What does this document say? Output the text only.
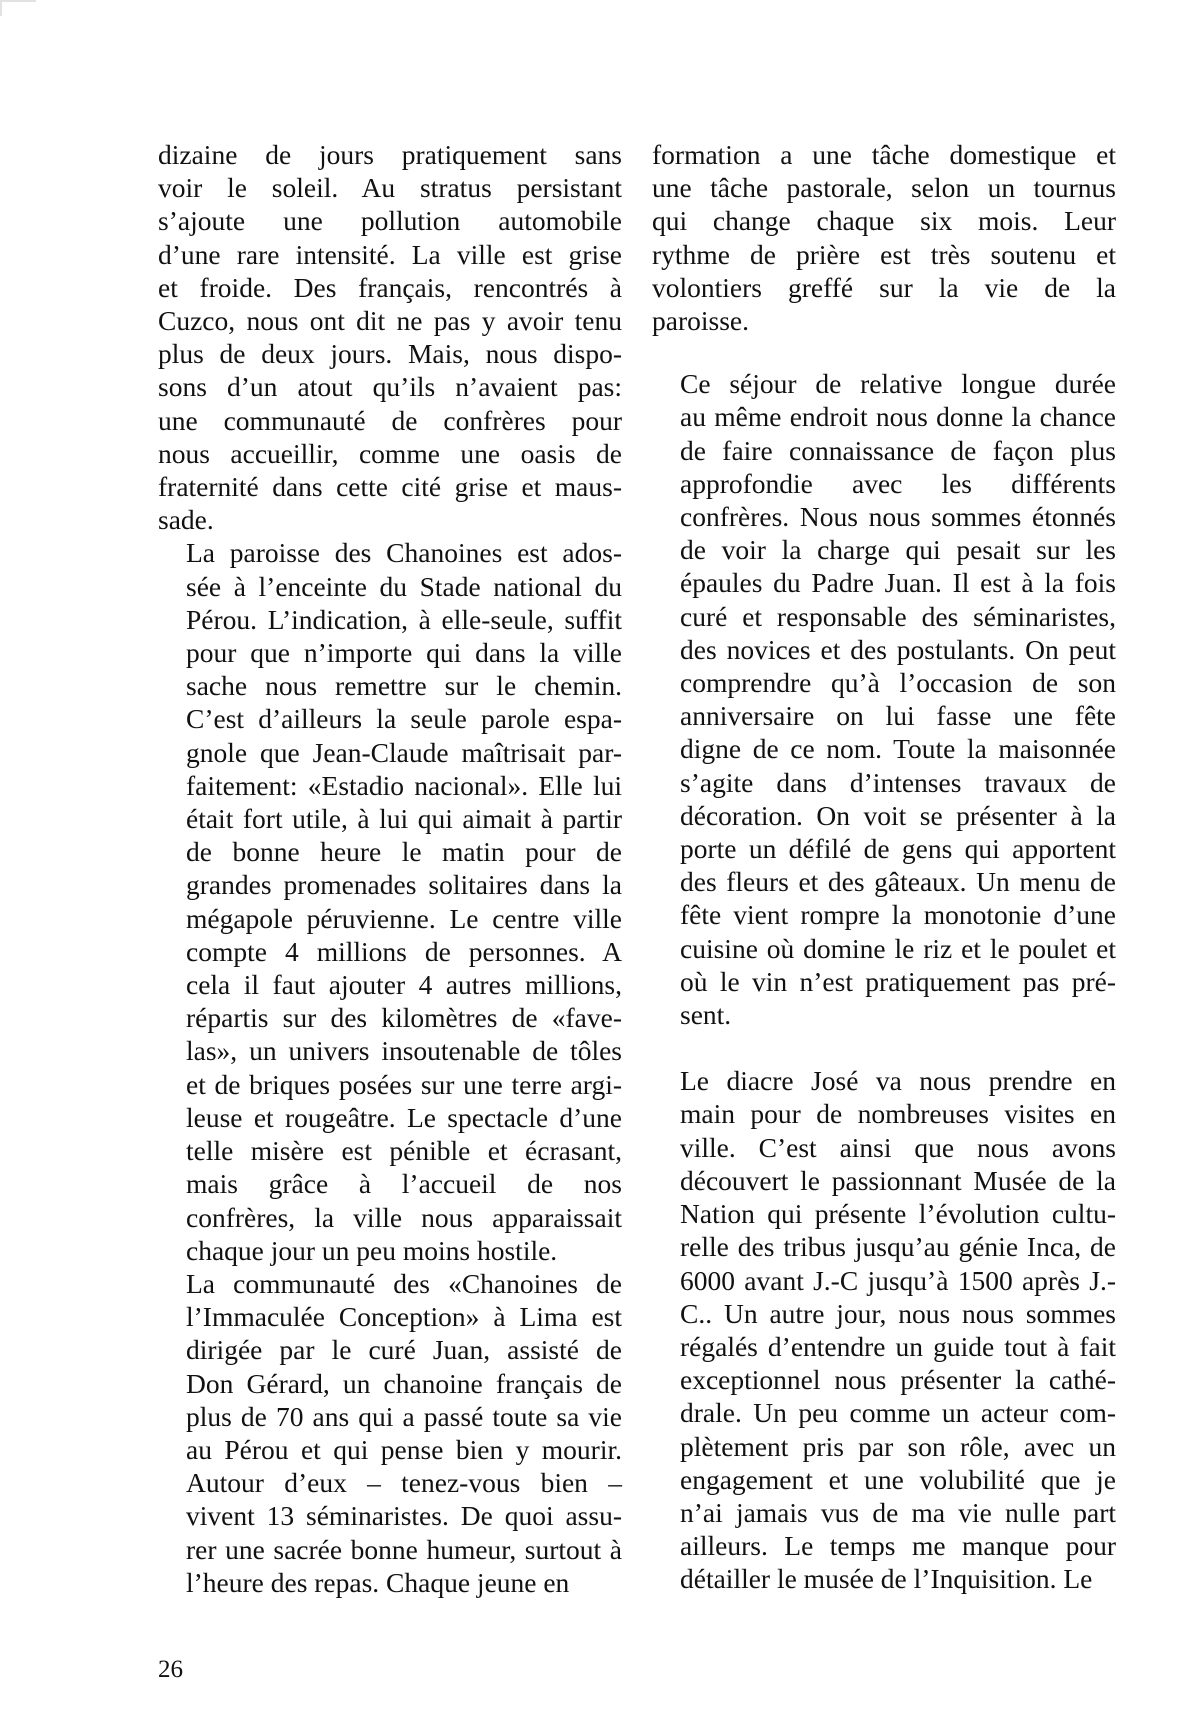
dizaine de jours pratiquement sans
voir le soleil. Au stratus persistant
s’ajoute une pollution automobile
d’une rare intensité. La ville est grise
et froide. Des français, rencontrés à
Cuzco, nous ont dit ne pas y avoir tenu
plus de deux jours. Mais, nous dispo-
sons d’un atout qu’ils n’avaient pas:
une communauté de confrères pour
nous accueillir, comme une oasis de
fraternité dans cette cité grise et maus-
sade.

La paroisse des Chanoines est ados-
sée à l’enceinte du Stade national du
Pérou. L’indication, à elle-seule, suffit
pour que n’importe qui dans la ville
sache nous remettre sur le chemin.
C’est d’ailleurs la seule parole espa-
gnole que Jean-Claude maîtrisait par-
faitement: «Estadio nacional». Elle lui
était fort utile, à lui qui aimait à partir
de bonne heure le matin pour de
grandes promenades solitaires dans la
mégapole péruvienne. Le centre ville
compte 4 millions de personnes. A
cela il faut ajouter 4 autres millions,
répartis sur des kilomètres de «fave-
las», un univers insoutenable de tôles
et de briques posées sur une terre argi-
leuse et rougeâtre. Le spectacle d’une
telle misère est pénible et écrasant,
mais grâce à l’accueil de nos
confrères, la ville nous apparaissait
chaque jour un peu moins hostile.

La communauté des «Chanoines de
l’Immaculée Conception» à Lima est
dirigée par le curé Juan, assisté de
Don Gérard, un chanoine français de
plus de 70 ans qui a passé toute sa vie
au Pérou et qui pense bien y mourir.
Autour d’eux – tenez-vous bien –
vivent 13 séminaristes. De quoi assu-
rer une sacrée bonne humeur, surtout à
l’heure des repas. Chaque jeune en

formation a une tâche domestique et
une tâche pastorale, selon un tournus
qui change chaque six mois. Leur
rythme de prière est très soutenu et
volontiers greffé sur la vie de la
paroisse.

Ce séjour de relative longue durée
au même endroit nous donne la chance
de faire connaissance de façon plus
approfondie avec les différents
confrères. Nous nous sommes étonnés
de voir la charge qui pesait sur les
épaules du Padre Juan. Il est à la fois
curé et responsable des séminaristes,
des novices et des postulants. On peut
comprendre qu’à l’occasion de son
anniversaire on lui fasse une fête
digne de ce nom. Toute la maisonnée
s’agite dans d’intenses travaux de
décoration. On voit se présenter à la
porte un défilé de gens qui apportent
des fleurs et des gâteaux. Un menu de
fête vient rompre la monotonie d’une
cuisine où domine le riz et le poulet et
où le vin n’est pratiquement pas pré-
sent.

Le diacre José va nous prendre en
main pour de nombreuses visites en
ville. C’est ainsi que nous avons
découvert le passionnant Musée de la
Nation qui présente l’évolution cultu-
relle des tribus jusqu’au génie Inca, de
6000 avant J.-C jusqu’à 1500 après J.-
C.. Un autre jour, nous nous sommes
régalés d’entendre un guide tout à fait
exceptionnel nous présenter la cathé-
drale. Un peu comme un acteur com-
plètement pris par son rôle, avec un
engagement et une volubilité que je
n’ai jamais vus de ma vie nulle part
ailleurs. Le temps me manque pour
détailler le musée de l’Inquisition. Le

26
